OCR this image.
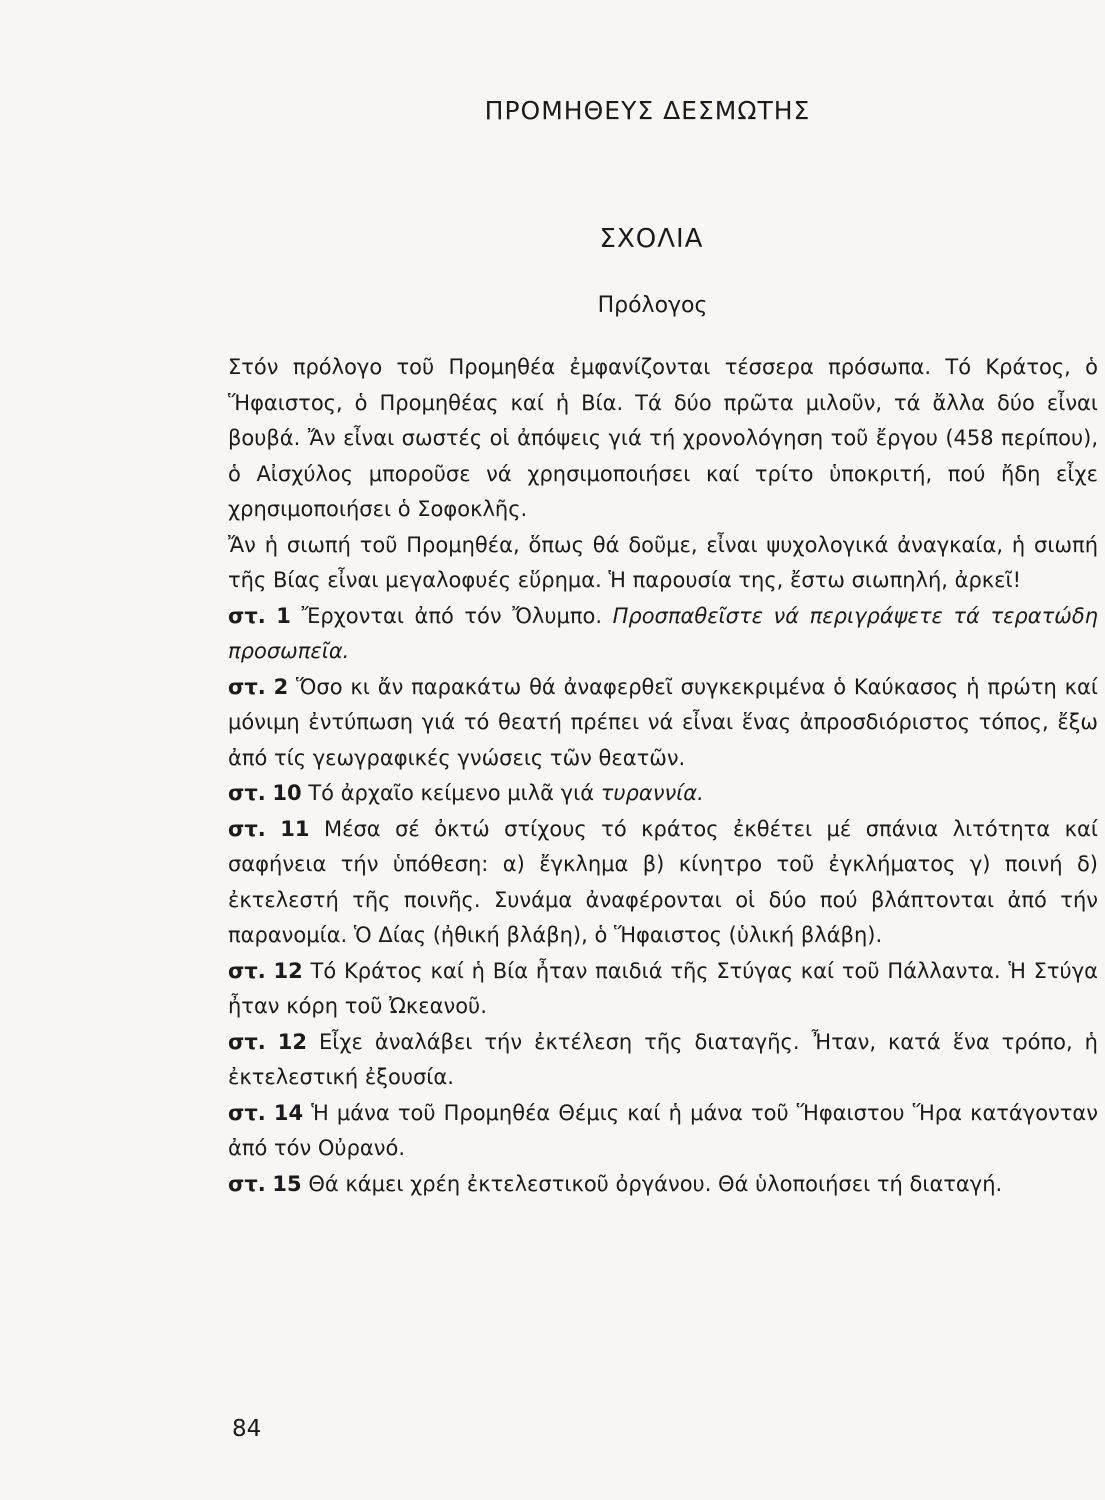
ΠΡΟΜΗΘΕΥΣ ΔΕΣΜΩΤΗΣ
ΣΧΟΛΙΑ
Πρόλογος

Στόν πρόλογο τοῦ Προμηθέα ἐμφανίζονται τέσσερα πρόσωπα. Τό Κράτος, ὁ Ἥφαιστος, ὁ Προμηθέας καί ἡ Βία. Τά δύο πρῶτα μιλοῦν, τά ἄλλα δύο εἶναι βουβά. Ἄν εἶναι σωστές οἱ ἀπόψεις γιά τή χρονολόγηση τοῦ ἔργου (458 περίπου), ὁ Αἰσχύλος μποροῦσε νά χρησιμοποιήσει καί τρίτο ὑποκριτή, πού ἤδη εἶχε χρησιμοποιήσει ὁ Σοφοκλῆς.

Ἄν ἡ σιωπή τοῦ Προμηθέα, ὅπως θά δοῦμε, εἶναι ψυχολογικά ἀναγκαία, ἡ σιωπή τῆς Βίας εἶναι μεγαλοφυές εὕρημα. Ἡ παρουσία της, ἔστω σιωπηλή, ἀρκεῖ!

στ. 1 Ἔρχονται ἀπό τόν Ὄλυμπο. Προσπαθεῖστε νά περιγράψετε τά τερατώδη προσωπεῖα.

στ. 2 Ὅσο κι ἄν παρακάτω θά ἀναφερθεῖ συγκεκριμένα ὁ Καύκασος ἡ πρώτη καί μόνιμη ἐντύπωση γιά τό θεατή πρέπει νά εἶναι ἕνας ἀπροσδιόριστος τόπος, ἔξω ἀπό τίς γεωγραφικές γνώσεις τῶν θεατῶν.

στ. 10 Τό ἀρχαῖο κείμενο μιλᾶ γιά τυραννία.

στ. 11 Μέσα σέ ὀκτώ στίχους τό κράτος ἐκθέτει μέ σπάνια λιτότητα καί σαφήνεια τήν ὑπόθεση: α) ἔγκλημα β) κίνητρο τοῦ ἐγκλήματος γ) ποινή δ) ἐκτελεστή τῆς ποινῆς. Συνάμα ἀναφέρονται οἱ δύο πού βλάπτονται ἀπό τήν παρανομία. Ὁ Δίας (ἠθική βλάβη), ὁ Ἥφαιστος (ὑλική βλάβη).

στ. 12 Τό Κράτος καί ἡ Βία ἦταν παιδιά τῆς Στύγας καί τοῦ Πάλλαντα. Ἡ Στύγα ἦταν κόρη τοῦ Ὠκεανοῦ.

στ. 12 Εἶχε ἀναλάβει τήν ἐκτέλεση τῆς διαταγῆς. Ἦταν, κατά ἕνα τρόπο, ἡ ἐκτελεστική ἐξουσία.

στ. 14 Ἡ μάνα τοῦ Προμηθέα Θέμις καί ἡ μάνα τοῦ Ἥφαιστου Ἥρα κατάγονταν ἀπό τόν Οὐρανό.

στ. 15 Θά κάμει χρέη ἐκτελεστικοῦ ὀργάνου. Θά ὑλοποιήσει τή διαταγή.

84
